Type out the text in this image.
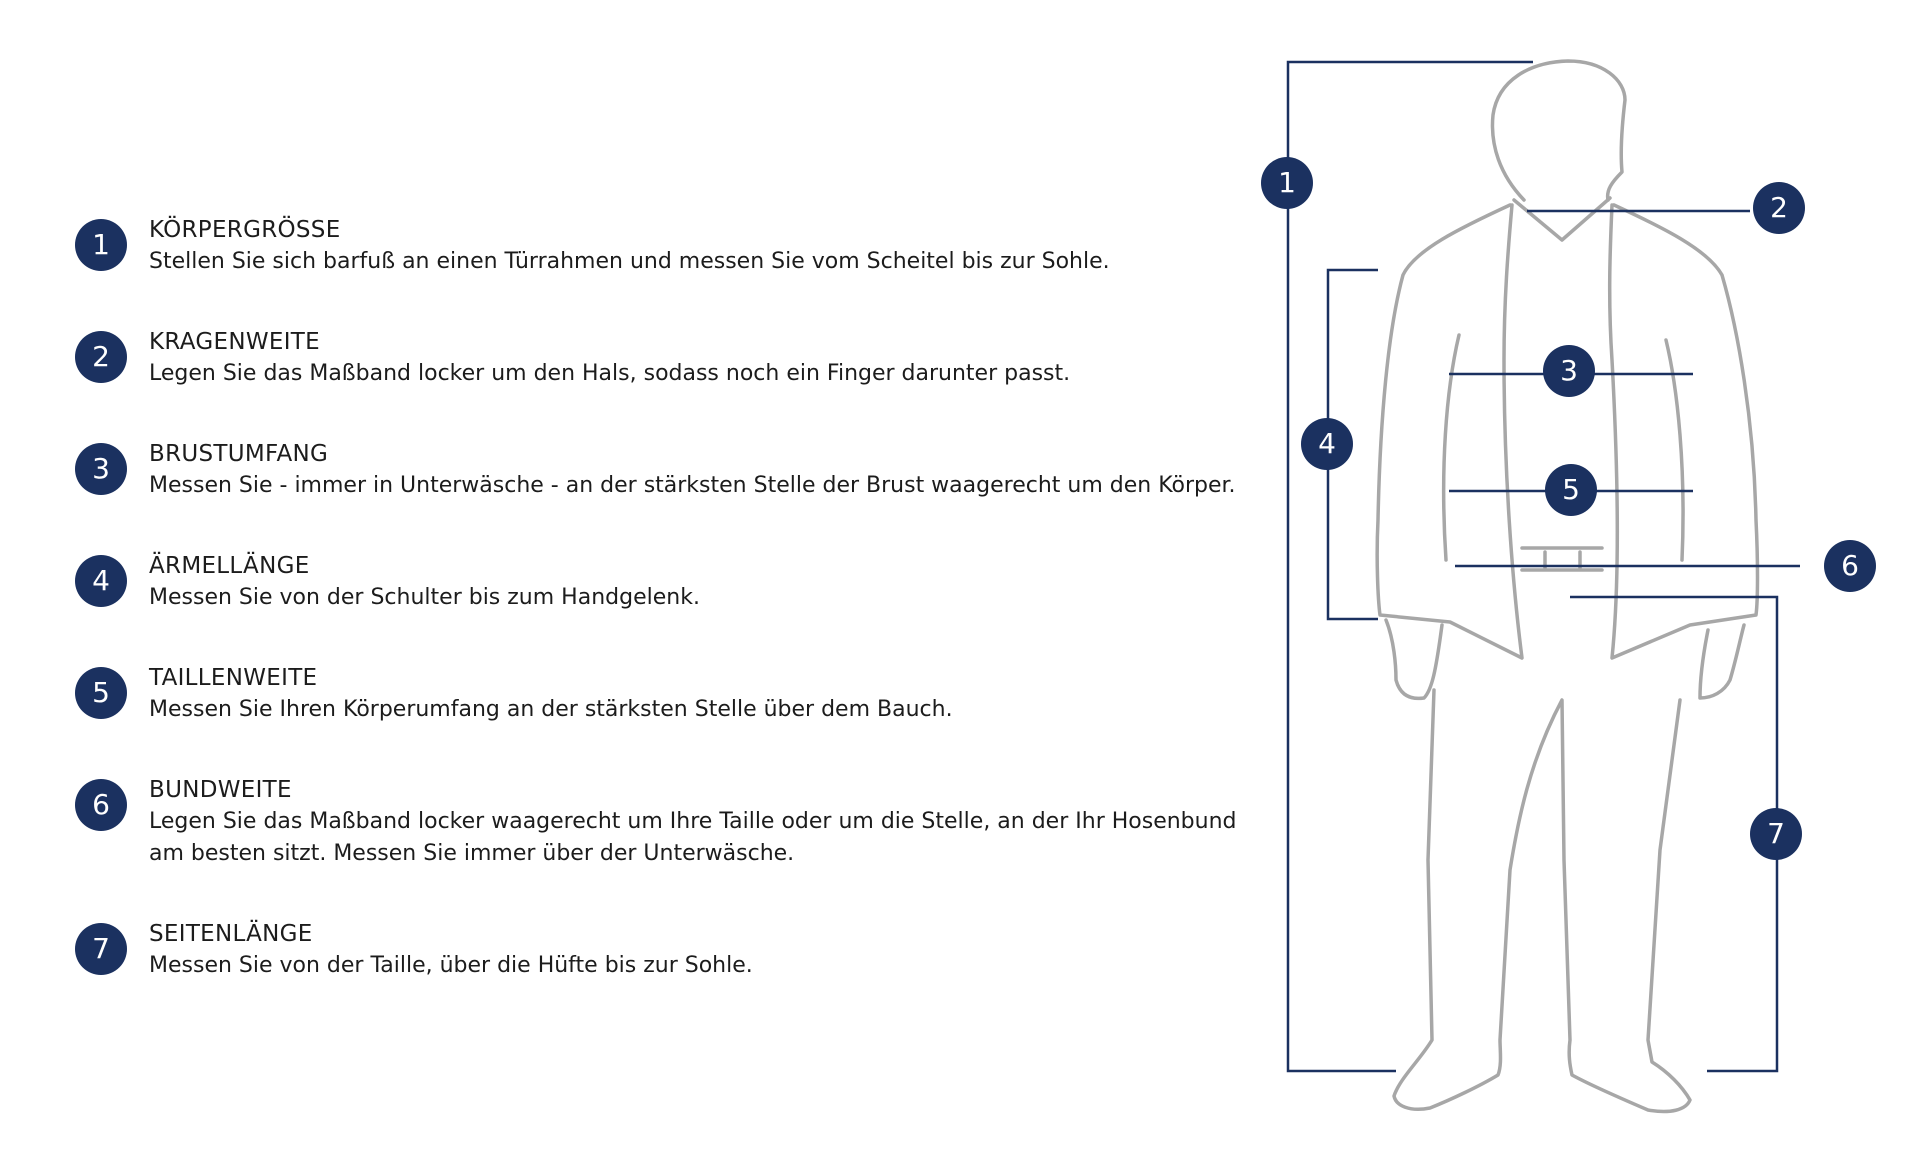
1	KÖRPERGRÖSSE
Stellen Sie sich barfuß an einen Türrahmen und messen Sie vom Scheitel bis zur Sohle.
2	KRAGENWEITE
Legen Sie das Maßband locker um den Hals, sodass noch ein Finger darunter passt.
3	BRUSTUMFANG
Messen Sie - immer in Unterwäsche - an der stärksten Stelle der Brust waagerecht um den Körper.
4	ÄRMELLÄNGE
Messen Sie von der Schulter bis zum Handgelenk.
5	TAILLENWEITE
Messen Sie Ihren Körperumfang an der stärksten Stelle über dem Bauch.
6	BUNDWEITE
Legen Sie das Maßband locker waagerecht um Ihre Taille oder um die Stelle, an der Ihr Hosenbund
am besten sitzt. Messen Sie immer über der Unterwäsche.
7	SEITENLÄNGE
Messen Sie von der Taille, über die Hüfte bis zur Sohle.
1
2
3
4
5
6
7
